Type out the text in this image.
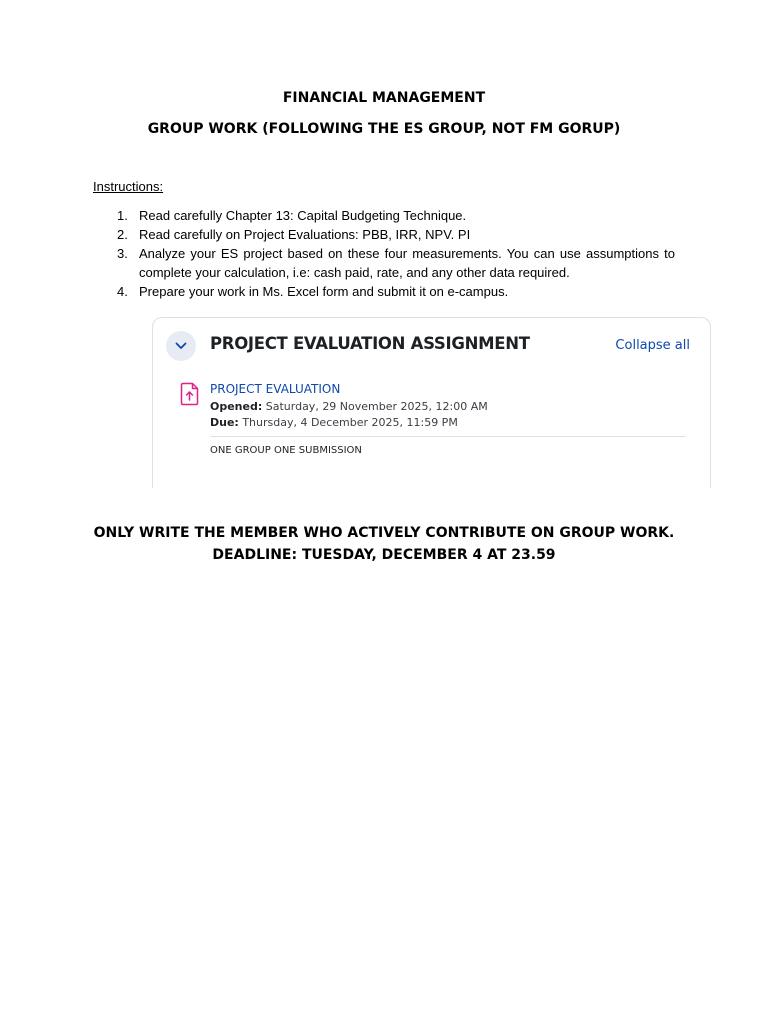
FINANCIAL MANAGEMENT
GROUP WORK (FOLLOWING THE ES GROUP, NOT FM GORUP)
Instructions:
1. Read carefully Chapter 13: Capital Budgeting Technique.
2. Read carefully on Project Evaluations: PBB, IRR, NPV. PI
3. Analyze your ES project based on these four measurements. You can use assumptions to complete your calculation, i.e: cash paid, rate, and any other data required.
4. Prepare your work in Ms. Excel form and submit it on e-campus.
PROJECT EVALUATION ASSIGNMENT	Collapse all
PROJECT EVALUATION
Opened: Saturday, 29 November 2025, 12:00 AM
Due: Thursday, 4 December 2025, 11:59 PM
ONE GROUP ONE SUBMISSION
ONLY WRITE THE MEMBER WHO ACTIVELY CONTRIBUTE ON GROUP WORK.
DEADLINE: TUESDAY, DECEMBER 4 AT 23.59
